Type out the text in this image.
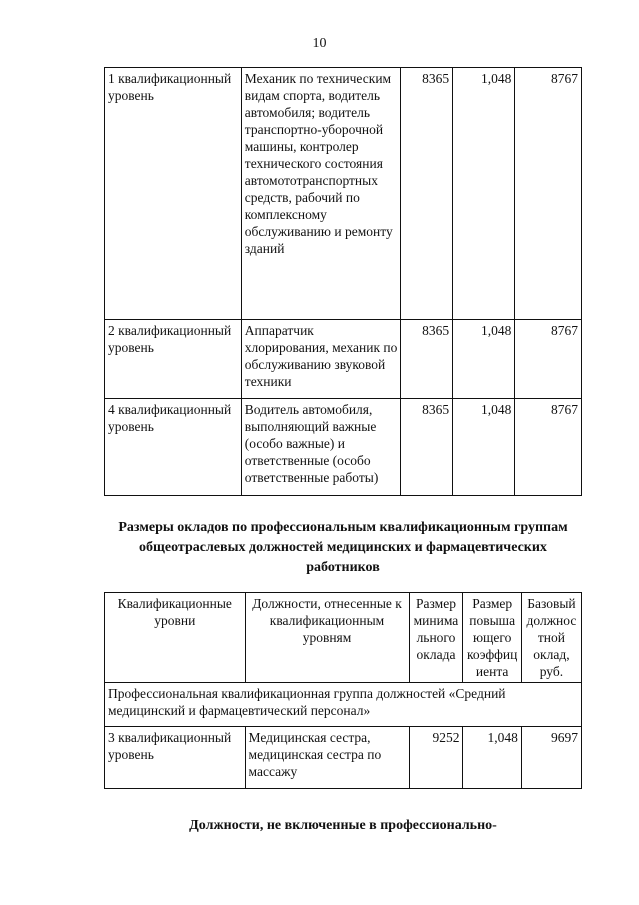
10
1 квалификационный уровень	Механик по техническим видам спорта, водитель автомобиля; водитель транспортно-уборочной машины, контролер технического состояния автомототранспортных средств, рабочий по комплексному обслуживанию и ремонту зданий	8365	1,048	8767
2 квалификационный уровень	Аппаратчик хлорирования, механик по обслуживанию звуковой техники	8365	1,048	8767
4 квалификационный уровень	Водитель автомобиля, выполняющий важные (особо важные) и ответственные (особо ответственные работы)	8365	1,048	8767
Размеры окладов по профессиональным квалификационным группам общеотраслевых должностей медицинских и фармацевтических работников
Квалификационные уровни	Должности, отнесенные к квалификационным уровням	Размер минима льного оклада	Размер повыша ющего коэффиц иента	Базовый должнос тной оклад, руб.
Профессиональная квалификационная группа должностей «Средний медицинский и фармацевтический персонал»				
3 квалификационный уровень	Медицинская сестра, медицинская сестра по массажу	9252	1,048	9697
Должности, не включенные в профессионально-
